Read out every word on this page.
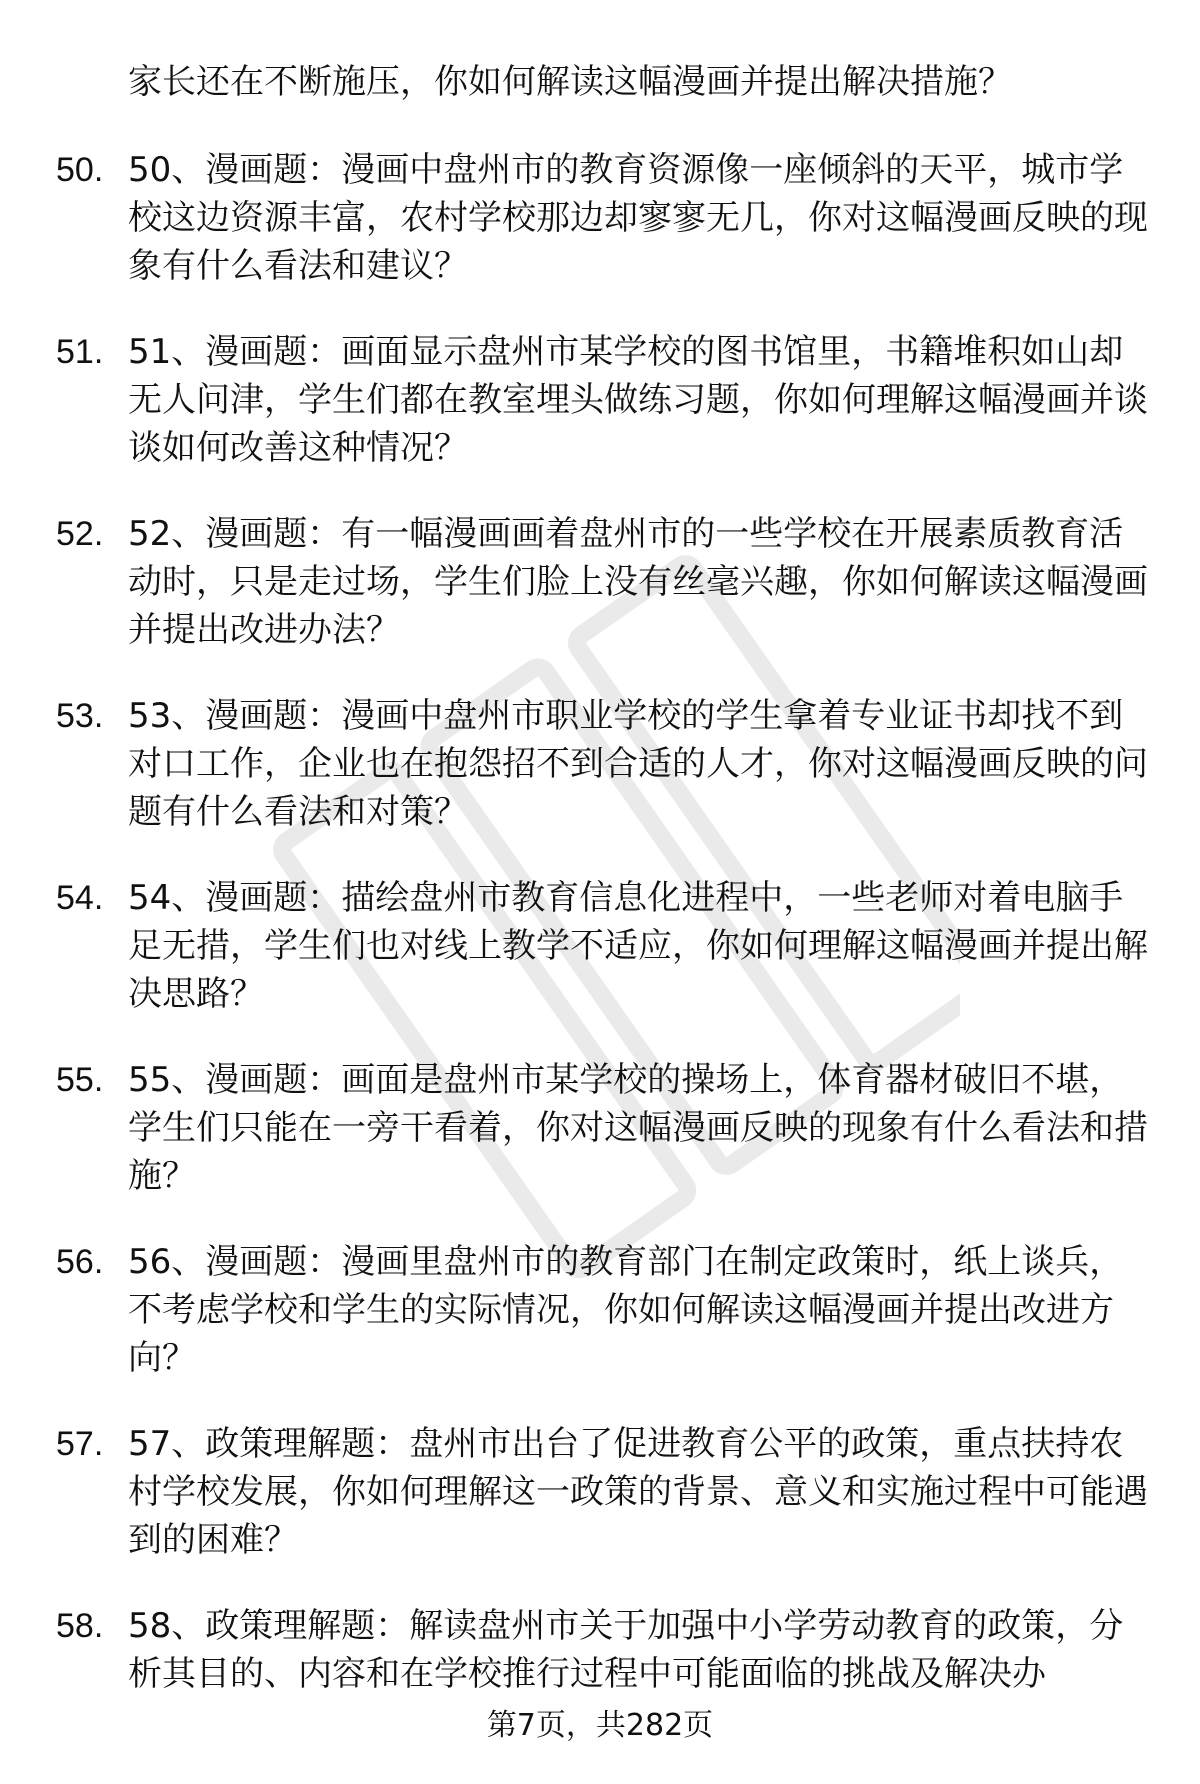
家长还在不断施压，你如何解读这幅漫画并提出解决措施？
50. 50、漫画题：漫画中盘州市的教育资源像一座倾斜的天平，城市学校这边资源丰富，农村学校那边却寥寥无几，你对这幅漫画反映的现象有什么看法和建议？
51. 51、漫画题：画面显示盘州市某学校的图书馆里，书籍堆积如山却无人问津，学生们都在教室埋头做练习题，你如何理解这幅漫画并谈谈如何改善这种情况？
52. 52、漫画题：有一幅漫画画着盘州市的一些学校在开展素质教育活动时，只是走过场，学生们脸上没有丝毫兴趣，你如何解读这幅漫画并提出改进办法？
53. 53、漫画题：漫画中盘州市职业学校的学生拿着专业证书却找不到对口工作，企业也在抱怨招不到合适的人才，你对这幅漫画反映的问题有什么看法和对策？
54. 54、漫画题：描绘盘州市教育信息化进程中，一些老师对着电脑手足无措，学生们也对线上教学不适应，你如何理解这幅漫画并提出解决思路？
55. 55、漫画题：画面是盘州市某学校的操场上，体育器材破旧不堪，学生们只能在一旁干看着，你对这幅漫画反映的现象有什么看法和措施？
56. 56、漫画题：漫画里盘州市的教育部门在制定政策时，纸上谈兵，不考虑学校和学生的实际情况，你如何解读这幅漫画并提出改进方向？
57. 57、政策理解题：盘州市出台了促进教育公平的政策，重点扶持农村学校发展，你如何理解这一政策的背景、意义和实施过程中可能遇到的困难？
58. 58、政策理解题：解读盘州市关于加强中小学劳动教育的政策，分析其目的、内容和在学校推行过程中可能面临的挑战及解决办
第7页，共282页
